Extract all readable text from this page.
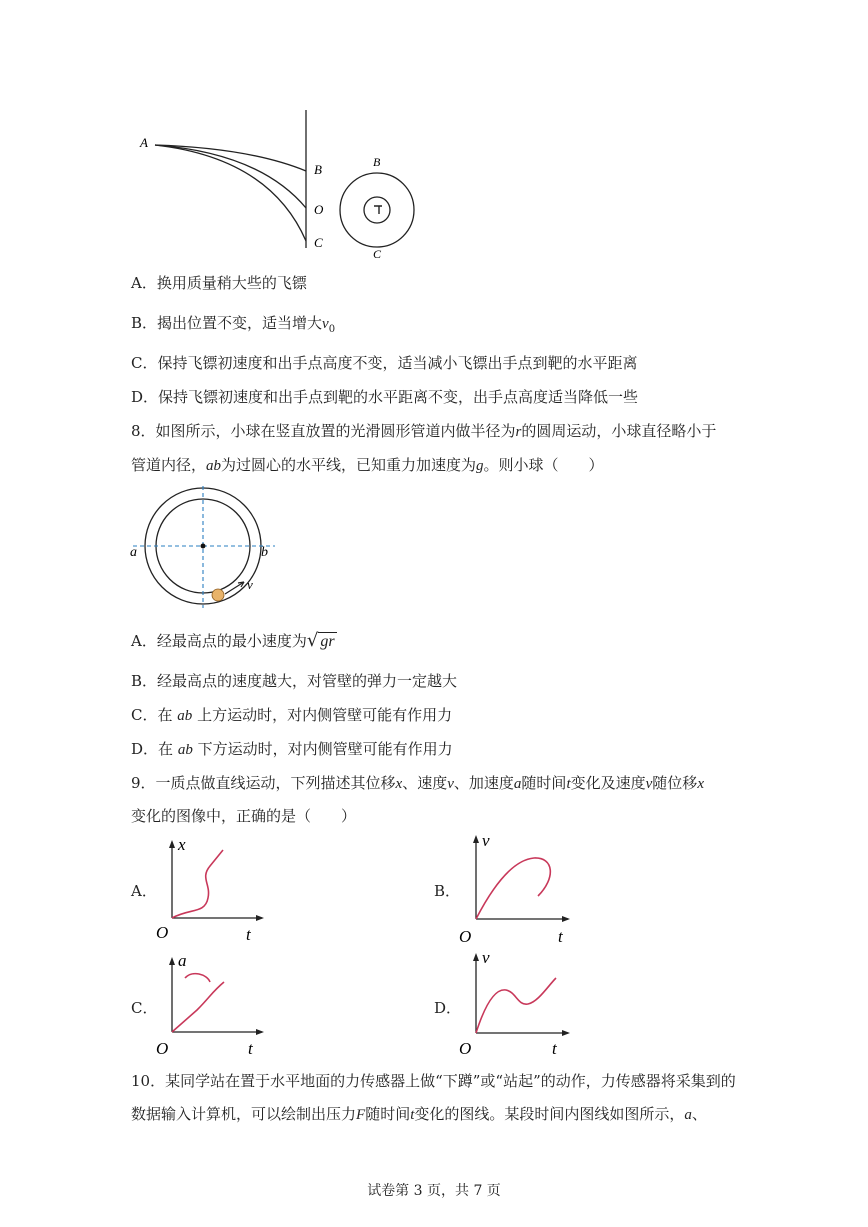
A
B
O
C
B
C
A．换用质量稍大些的飞镖
B．揭出位置不变，适当增大$v_0$
C．保持飞镖初速度和出手点高度不变，适当减小飞镖出手点到靶的水平距离
D．保持飞镖初速度和出手点到靶的水平距离不变，出手点高度适当降低一些
8．如图所示，小球在竖直放置的光滑圆形管道内做半径为r的圆周运动，小球直径略小于
管道内径，ab为过圆心的水平线，已知重力加速度为g。则小球（　　）
a	b
v
A．经最高点的最小速度为√ gr
B．经最高点的速度越大，对管壁的弹力一定越大
C．在 ab 上方运动时，对内侧管壁可能有作用力
D．在 ab 下方运动时，对内侧管壁可能有作用力
9．一质点做直线运动，下列描述其位移x、速度v、加速度a随时间t变化及速度v随位移x
变化的图像中，正确的是（　　）
A．
x
t
O
B．
v
t
O
C．
a
t
O
D．
v
t
O
10．某同学站在置于水平地面的力传感器上做“下蹲”或“站起”的动作，力传感器将采集到的
数据输入计算机，可以绘制出压力F随时间t变化的图线。某段时间内图线如图所示，a、
试卷第 3 页，共 7 页
